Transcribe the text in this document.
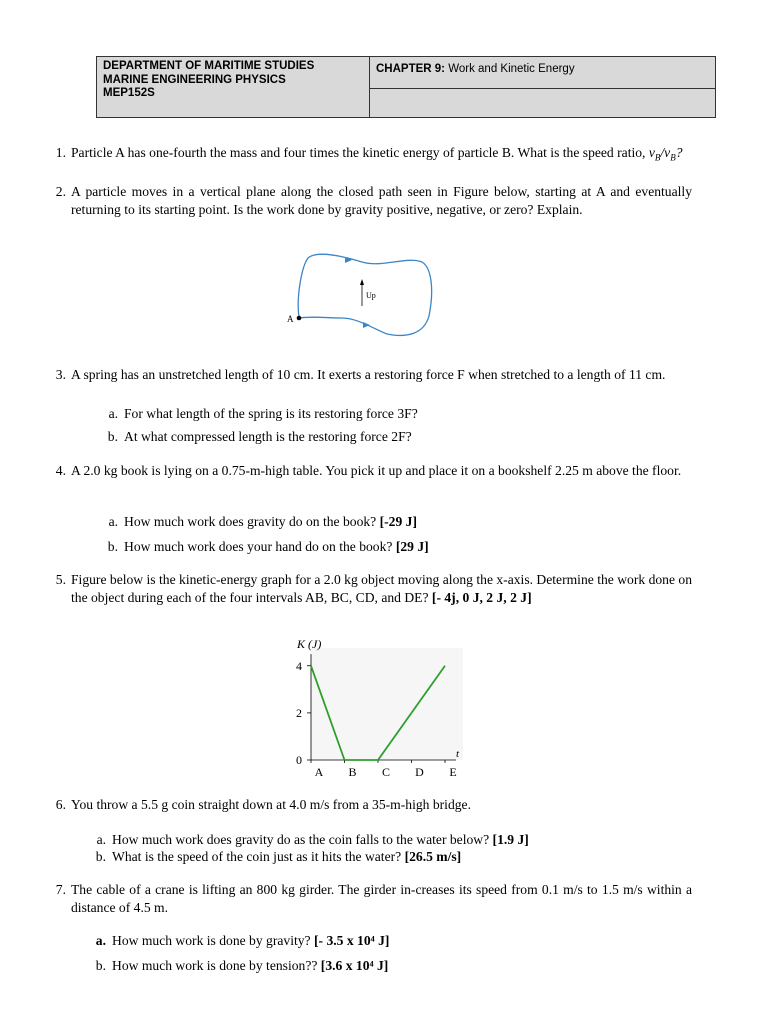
DEPARTMENT OF MARITIME STUDIES
MARINE ENGINEERING PHYSICS
MEP152S
	CHAPTER 9: Work and Kinetic Energy

1. Particle A has one-fourth the mass and four times the kinetic energy of particle B. What is the speed ratio, $v_B/v_B$?
2. A particle moves in a vertical plane along the closed path seen in Figure below, starting at A and eventually returning to its starting point. Is the work done by gravity positive, negative, or zero? Explain.
A
Up
3. A spring has an unstretched length of 10 cm. It exerts a restoring force F when stretched to a length of 11 cm.
a. For what length of the spring is its restoring force 3F?
b. At what compressed length is the restoring force 2F?
4. A 2.0 kg book is lying on a 0.75-m-high table. You pick it up and place it on a bookshelf 2.25 m above the floor.
a. How much work does gravity do on the book? [-29 J]
b. How much work does your hand do on the book? [29 J]
5. Figure below is the kinetic-energy graph for a 2.0 kg object moving along the x-axis. Determine the work done on the object during each of the four intervals AB, BC, CD, and DE? [- 4j, 0 J, 2 J, 2 J]
K (J)
t
0
2
4
A B C D E
6. You throw a 5.5 g coin straight down at 4.0 m/s from a 35-m-high bridge.
a. How much work does gravity do as the coin falls to the water below? [1.9 J]
b. What is the speed of the coin just as it hits the water? [26.5 m/s]
7. The cable of a crane is lifting an 800 kg girder. The girder in-creases its speed from 0.1 m/s to 1.5 m/s within a distance of 4.5 m.
a. How much work is done by gravity? [- 3.5 x 10⁴ J]
b. How much work is done by tension?? [3.6 x 10⁴ J]
